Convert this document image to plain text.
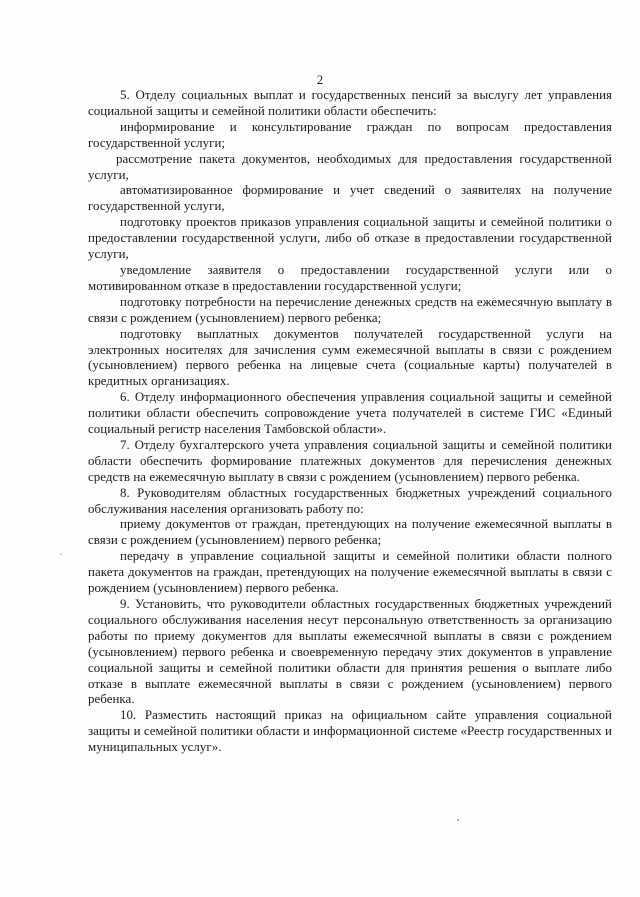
2

5. Отделу социальных выплат и государственных пенсий за выслугу лет управления социальной защиты и семейной политики области обеспечить:

информирование и консультирование граждан по вопросам предоставления государственной услуги;

рассмотрение пакета документов, необходимых для предоставления государственной услуги,

автоматизированное формирование и учет сведений о заявителях на получение государственной услуги,

подготовку проектов приказов управления социальной защиты и семейной политики о предоставлении государственной услуги, либо об отказе в предоставлении государственной услуги,

уведомление заявителя о предоставлении государственной услуги или о мотивированном отказе в предоставлении государственной услуги;

подготовку потребности на перечисление денежных средств на ежемесячную выплату в связи с рождением (усыновлением) первого ребенка;

подготовку выплатных документов получателей государственной услуги на электронных носителях для зачисления сумм ежемесячной выплаты в связи с рождением (усыновлением) первого ребенка на лицевые счета (социальные карты) получателей в кредитных организациях.

6. Отделу информационного обеспечения управления социальной защиты и семейной политики области обеспечить сопровождение учета получателей в системе ГИС «Единый социальный регистр населения Тамбовской области».

7. Отделу бухгалтерского учета управления социальной защиты и семейной политики области обеспечить формирование платежных документов для перечисления денежных средств на ежемесячную выплату в связи с рождением (усыновлением) первого ребенка.

8. Руководителям областных государственных бюджетных учреждений социального обслуживания населения организовать работу по:

приему документов от граждан, претендующих на получение ежемесячной выплаты в связи с рождением (усыновлением) первого ребенка;

передачу в управление социальной защиты и семейной политики области полного пакета документов на граждан, претендующих на получение ежемесячной выплаты в связи с рождением (усыновлением) первого ребенка.

9. Установить, что руководители областных государственных бюджетных учреждений социального обслуживания населения несут персональную ответственность за организацию работы по приему документов для выплаты ежемесячной выплаты в связи с рождением (усыновлением) первого ребенка и своевременную передачу этих документов в управление социальной защиты и семейной политики области для принятия решения о выплате либо отказе в выплате ежемесячной выплаты в связи с рождением (усыновлением) первого ребенка.

10. Разместить настоящий приказ на официальном сайте управления социальной защиты и семейной политики области и информационной системе «Реестр государственных и муниципальных услуг».
